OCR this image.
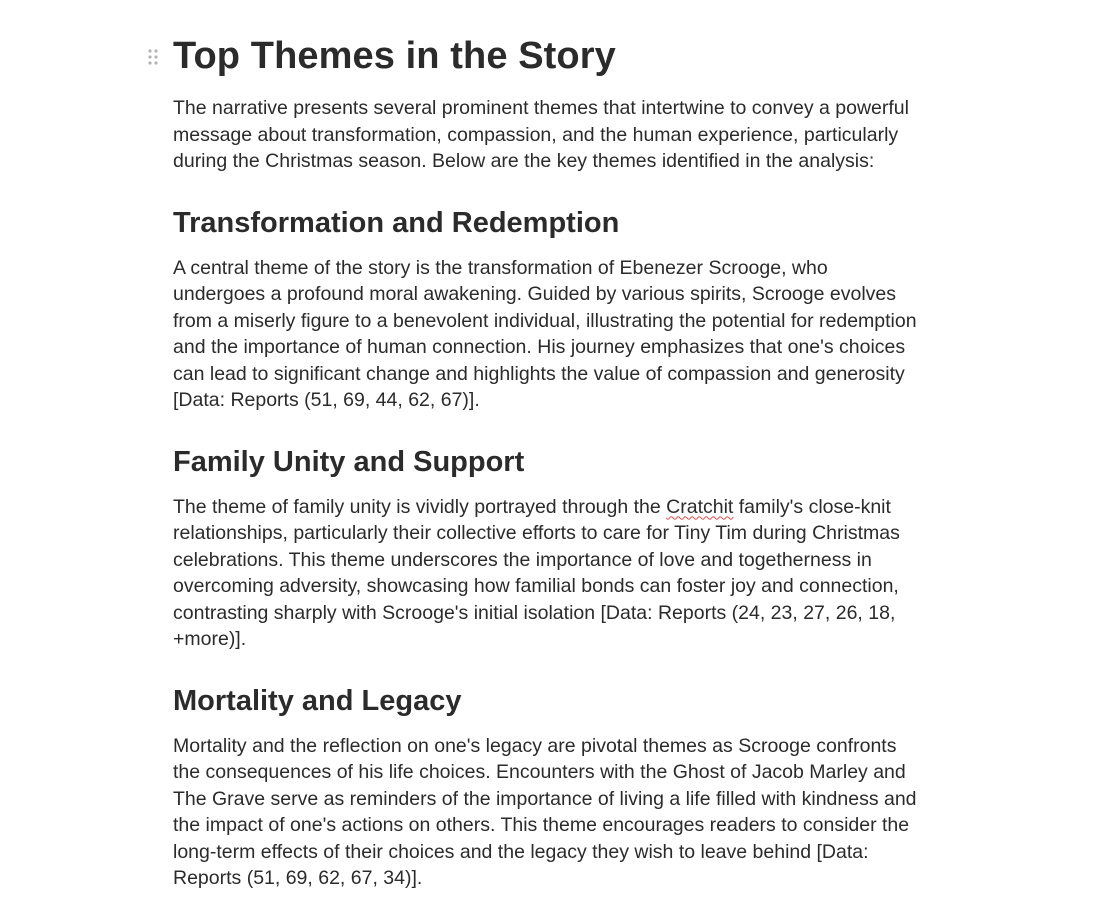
Top Themes in the Story

The narrative presents several prominent themes that intertwine to convey a powerful message about transformation, compassion, and the human experience, particularly during the Christmas season. Below are the key themes identified in the analysis:

Transformation and Redemption

A central theme of the story is the transformation of Ebenezer Scrooge, who undergoes a profound moral awakening. Guided by various spirits, Scrooge evolves from a miserly figure to a benevolent individual, illustrating the potential for redemption and the importance of human connection. His journey emphasizes that one's choices can lead to significant change and highlights the value of compassion and generosity [Data: Reports (51, 69, 44, 62, 67)].

Family Unity and Support

The theme of family unity is vividly portrayed through the Cratchit family's close-knit relationships, particularly their collective efforts to care for Tiny Tim during Christmas celebrations. This theme underscores the importance of love and togetherness in overcoming adversity, showcasing how familial bonds can foster joy and connection, contrasting sharply with Scrooge's initial isolation [Data: Reports (24, 23, 27, 26, 18, +more)].

Mortality and Legacy

Mortality and the reflection on one's legacy are pivotal themes as Scrooge confronts the consequences of his life choices. Encounters with the Ghost of Jacob Marley and The Grave serve as reminders of the importance of living a life filled with kindness and the impact of one's actions on others. This theme encourages readers to consider the long-term effects of their choices and the legacy they wish to leave behind [Data: Reports (51, 69, 62, 67, 34)].
